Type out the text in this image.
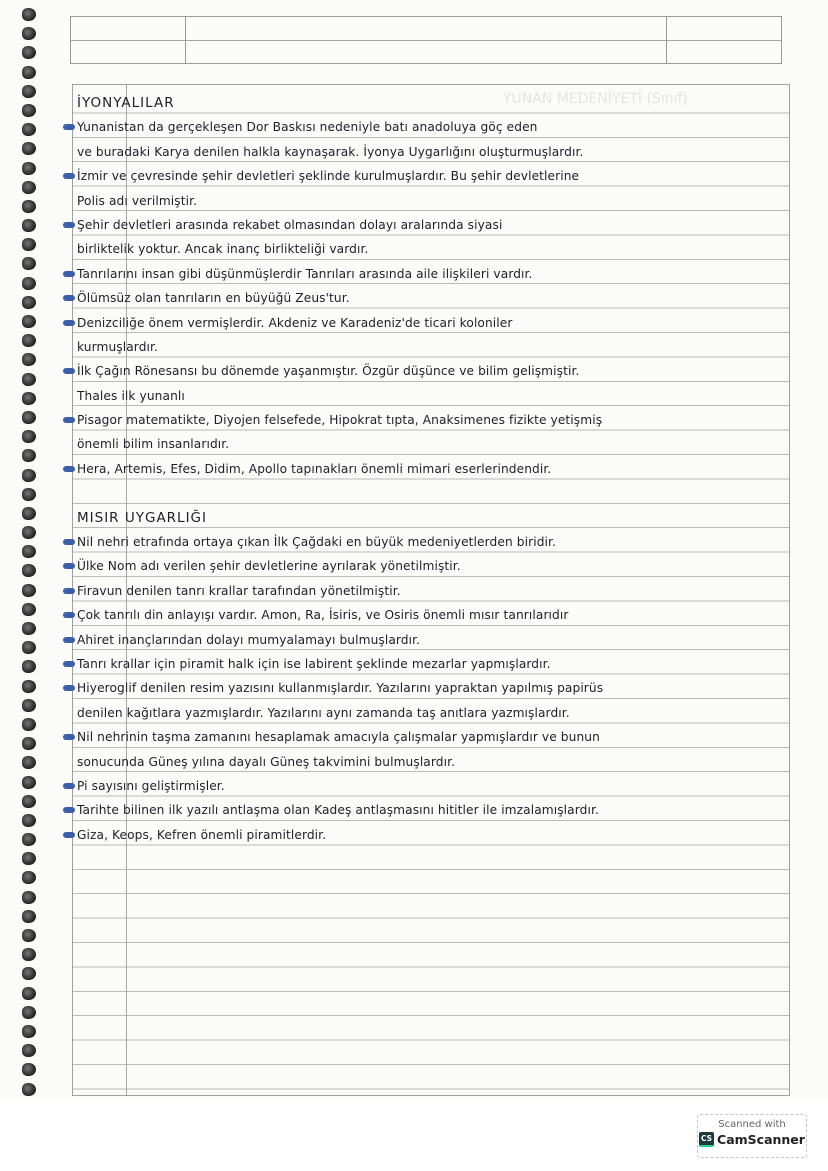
YUNAN MEDENİYETİ (Sınıf)
İYONYALILAR
Yunanistan da gerçekleşen Dor Baskısı nedeniyle batı anadoluya göç eden
ve buradaki Karya denilen halkla kaynaşarak. İyonya Uygarlığını oluşturmuşlardır.
İzmir ve çevresinde şehir devletleri şeklinde kurulmuşlardır. Bu şehir devletlerine
Polis adı verilmiştir.
Şehir devletleri arasında rekabet olmasından dolayı aralarında siyasi
birliktelik yoktur. Ancak inanç birlikteliği vardır.
Tanrılarını insan gibi düşünmüşlerdir Tanrıları arasında aile ilişkileri vardır.
Ölümsüz olan tanrıların en büyüğü Zeus'tur.
Denizciliğe önem vermişlerdir. Akdeniz ve Karadeniz'de ticari koloniler
kurmuşlardır.
İlk Çağın Rönesansı bu dönemde yaşanmıştır. Özgür düşünce ve bilim gelişmiştir.
Thales ilk yunanlı
Pisagor matematikte, Diyojen felsefede, Hipokrat tıpta, Anaksimenes fizikte yetişmiş
önemli bilim insanlarıdır.
Hera, Artemis, Efes, Didim, Apollo tapınakları önemli mimari eserlerindendir.
MISIR UYGARLIĞI
Nil nehri etrafında ortaya çıkan İlk Çağdaki en büyük medeniyetlerden biridir.
Ülke Nom adı verilen şehir devletlerine ayrılarak yönetilmiştir.
Firavun denilen tanrı krallar tarafından yönetilmiştir.
Çok tanrılı din anlayışı vardır. Amon, Ra, İsiris, ve Osiris önemli mısır tanrılarıdır
Ahiret inançlarından dolayı mumyalamayı bulmuşlardır.
Tanrı krallar için piramit halk için ise labirent şeklinde mezarlar yapmışlardır.
Hiyeroglif denilen resim yazısını kullanmışlardır. Yazılarını yapraktan yapılmış papirüs
denilen kağıtlara yazmışlardır. Yazılarını aynı zamanda taş anıtlara yazmışlardır.
Nil nehrinin taşma zamanını hesaplamak amacıyla çalışmalar yapmışlardır ve bunun
sonucunda Güneş yılına dayalı Güneş takvimini bulmuşlardır.
Pi sayısını geliştirmişler.
Tarihte bilinen ilk yazılı antlaşma olan Kadeş antlaşmasını hititler ile imzalamışlardır.
Giza, Keops, Kefren önemli piramitlerdir.
Scanned with
CS CamScanner
